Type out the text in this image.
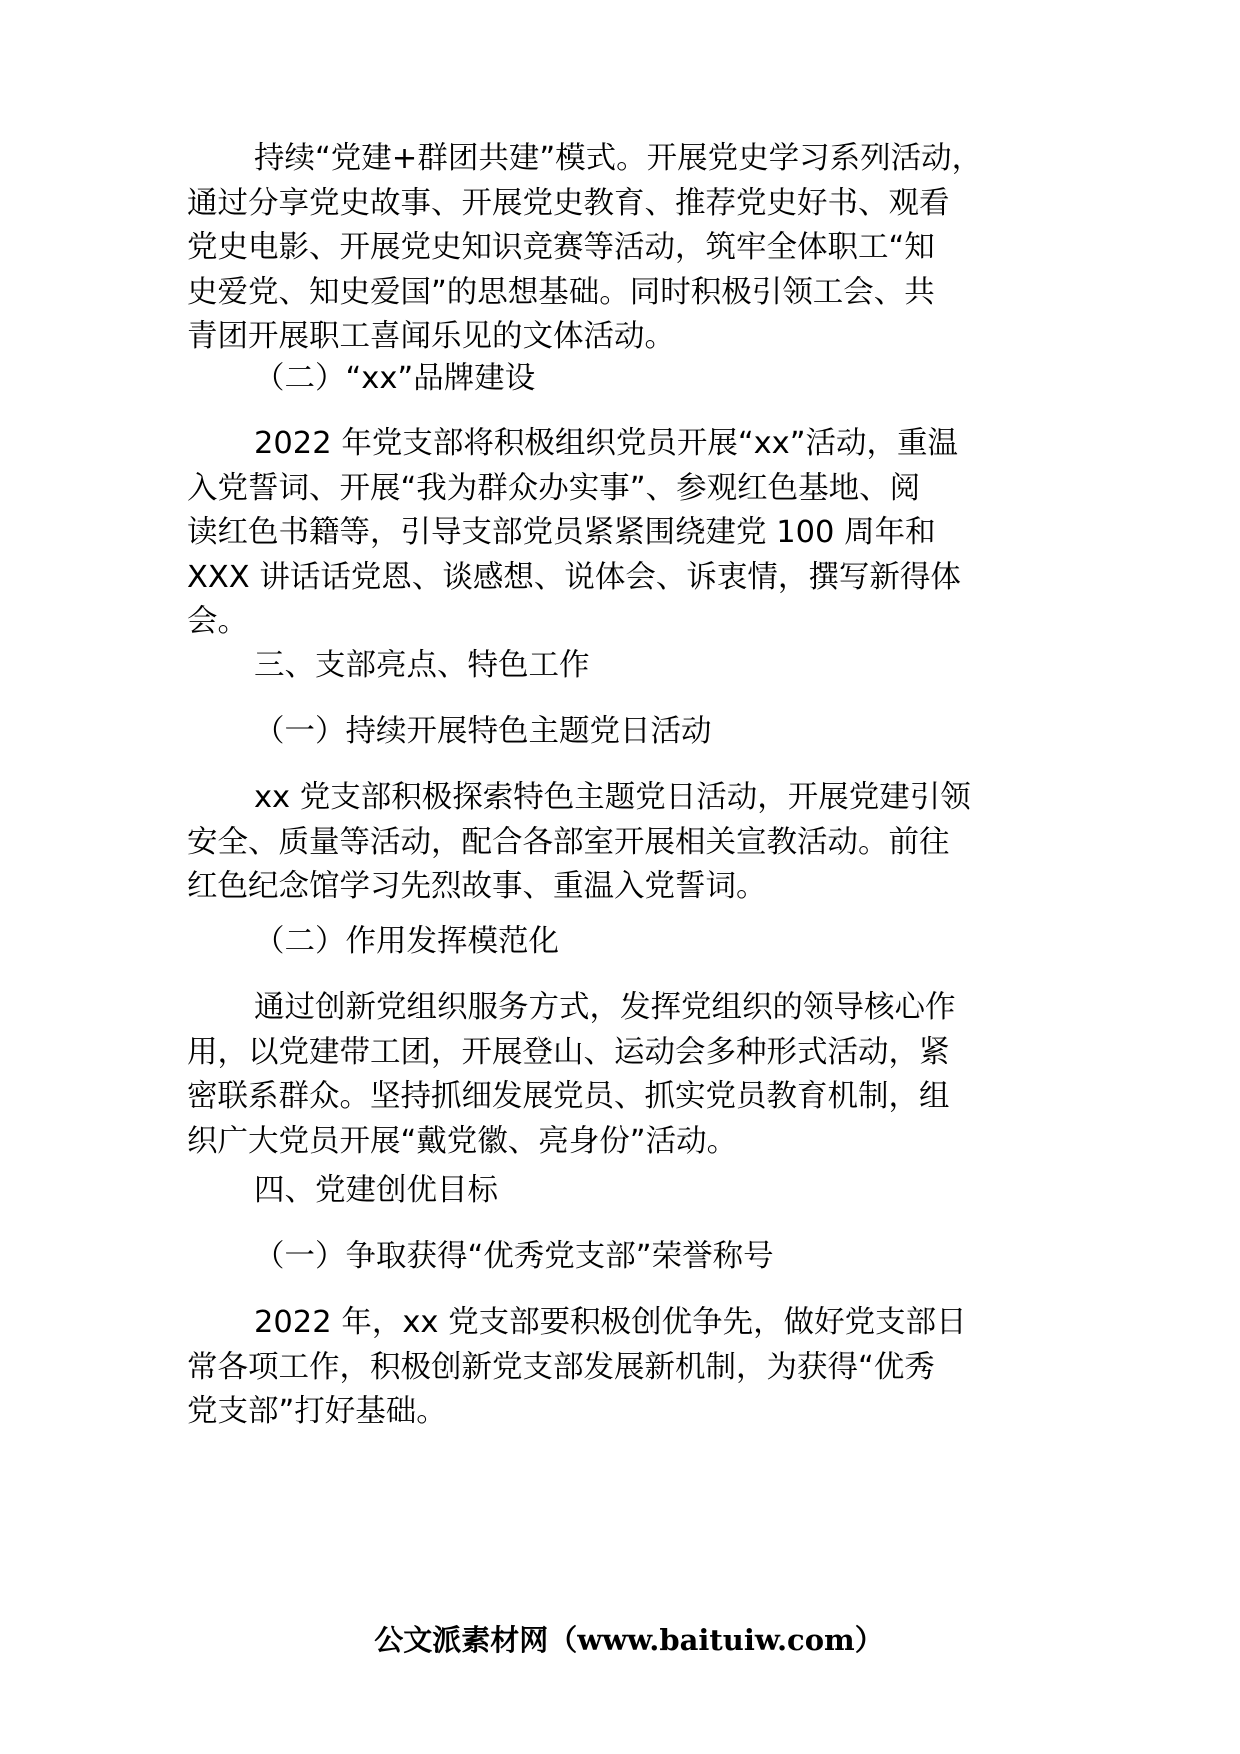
持续“党建+群团共建”模式。开展党史学习系列活动，
通过分享党史故事、开展党史教育、推荐党史好书、观看
党史电影、开展党史知识竞赛等活动，筑牢全体职工“知
史爱党、知史爱国”的思想基础。同时积极引领工会、共
青团开展职工喜闻乐见的文体活动。
（二）“xx”品牌建设
2022 年党支部将积极组织党员开展“xx”活动，重温
入党誓词、开展“我为群众办实事”、参观红色基地、阅
读红色书籍等，引导支部党员紧紧围绕建党 100 周年和
XXX 讲话话党恩、谈感想、说体会、诉衷情，撰写新得体
会。
三、支部亮点、特色工作
（一）持续开展特色主题党日活动
xx 党支部积极探索特色主题党日活动，开展党建引领
安全、质量等活动，配合各部室开展相关宣教活动。前往
红色纪念馆学习先烈故事、重温入党誓词。
（二）作用发挥模范化
通过创新党组织服务方式，发挥党组织的领导核心作
用，以党建带工团，开展登山、运动会多种形式活动，紧
密联系群众。坚持抓细发展党员、抓实党员教育机制，组
织广大党员开展“戴党徽、亮身份”活动。
四、党建创优目标
（一）争取获得“优秀党支部”荣誉称号
2022 年，xx 党支部要积极创优争先，做好党支部日
常各项工作，积极创新党支部发展新机制，为获得“优秀
党支部”打好基础。
公文派素材网（www.baituiw.com）
